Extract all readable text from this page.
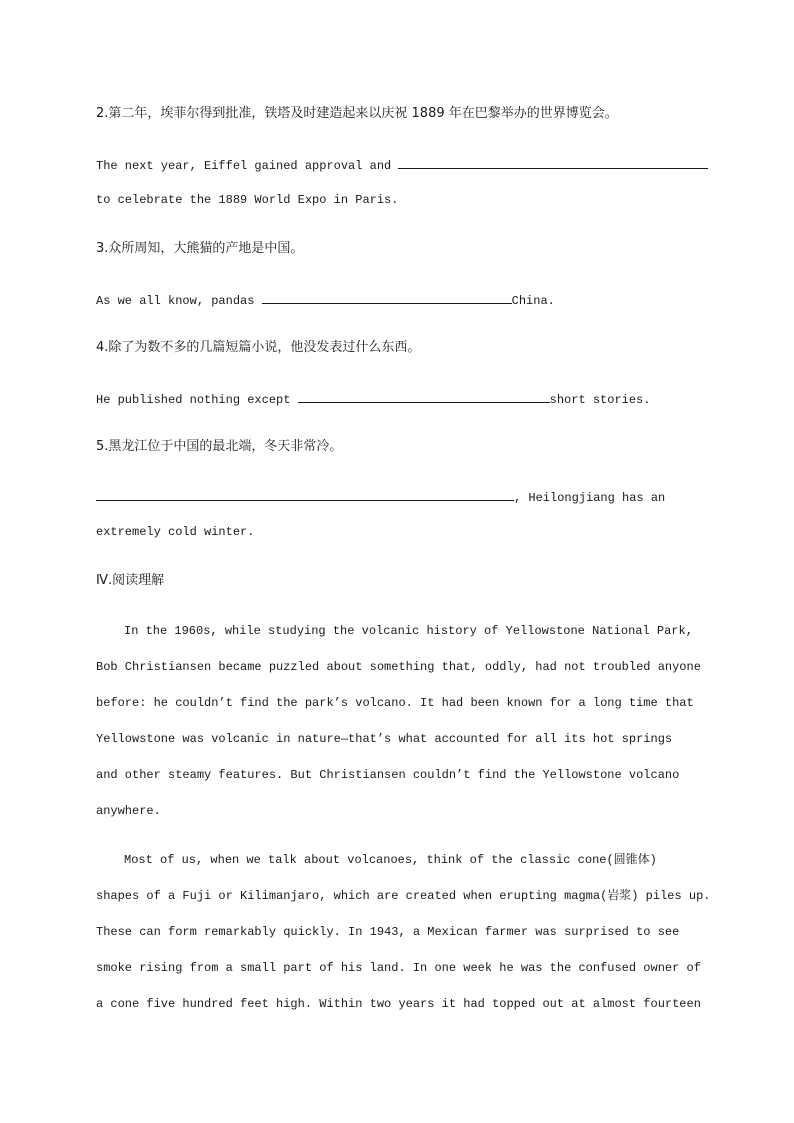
2.第二年，埃菲尔得到批准，铁塔及时建造起来以庆祝 1889 年在巴黎举办的世界博览会。
The next year, Eiffel gained approval and
to celebrate the 1889 World Expo in Paris.
3.众所周知，大熊猫的产地是中国。
As we all know, pandas	China.
4.除了为数不多的几篇短篇小说，他没发表过什么东西。
He published nothing except	short stories.
5.黑龙江位于中国的最北端，冬天非常冷。
, Heilongjiang has an
extremely cold winter.
Ⅳ.阅读理解
In the 1960s, while studying the volcanic history of Yellowstone National Park,
Bob Christiansen became puzzled about something that, oddly, had not troubled anyone
before: he couldn’t find the park’s volcano. It had been known for a long time that
Yellowstone was volcanic in nature—that’s what accounted for all its hot springs
and other steamy features. But Christiansen couldn’t find the Yellowstone volcano
anywhere.
Most of us, when we talk about volcanoes, think of the classic cone(圆锥体)
shapes of a Fuji or Kilimanjaro, which are created when erupting magma(岩浆) piles up.
These can form remarkably quickly. In 1943, a Mexican farmer was surprised to see
smoke rising from a small part of his land. In one week he was the confused owner of
a cone five hundred feet high. Within two years it had topped out at almost fourteen
